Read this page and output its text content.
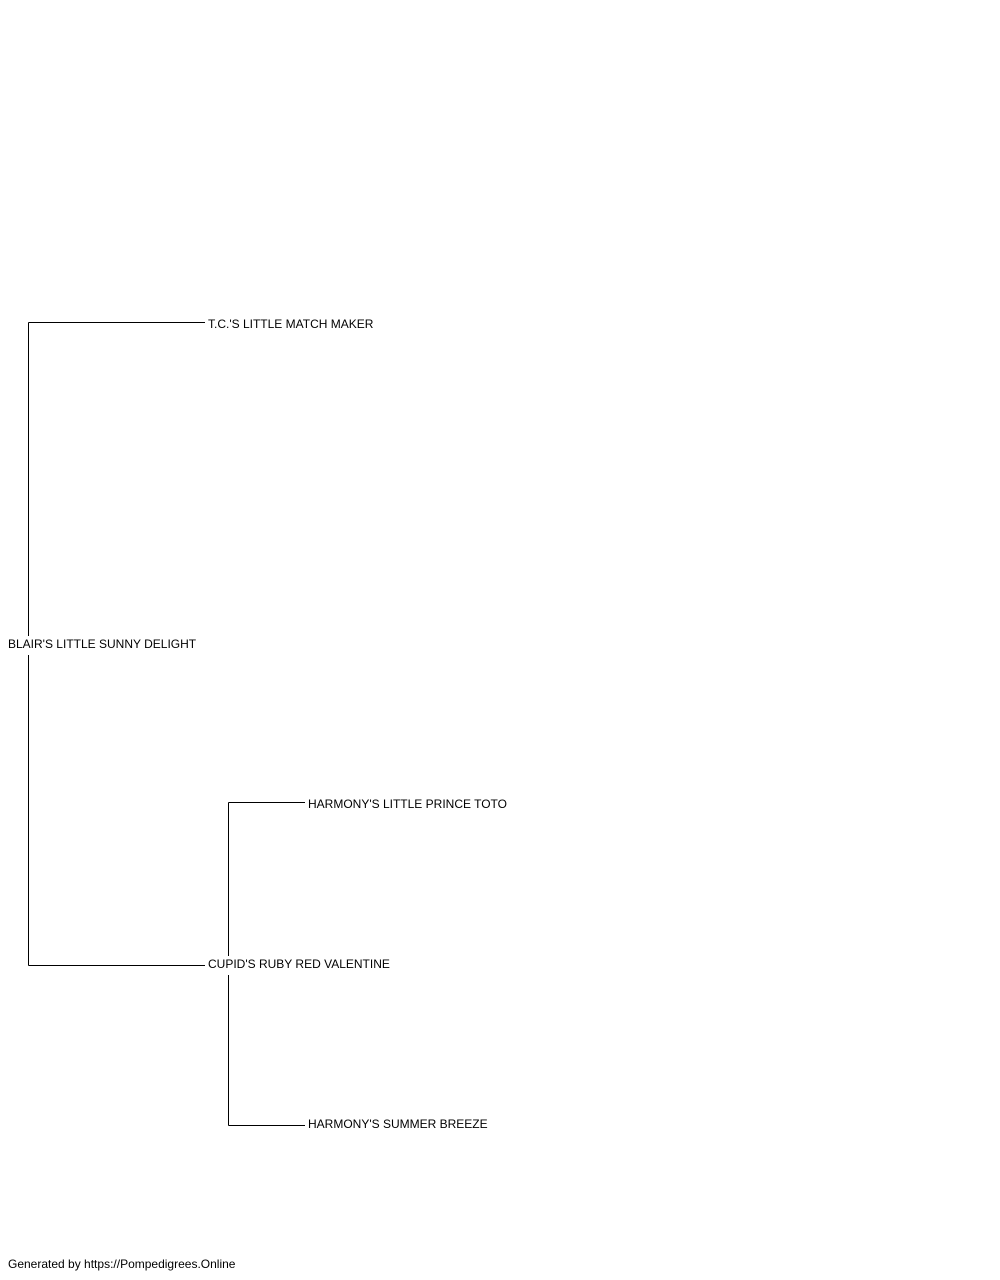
BLAIR'S LITTLE SUNNY DELIGHT
T.C.'S LITTLE MATCH MAKER
CUPID'S RUBY RED VALENTINE
HARMONY'S LITTLE PRINCE TOTO
HARMONY'S SUMMER BREEZE
Generated by https://Pompedigrees.Online
